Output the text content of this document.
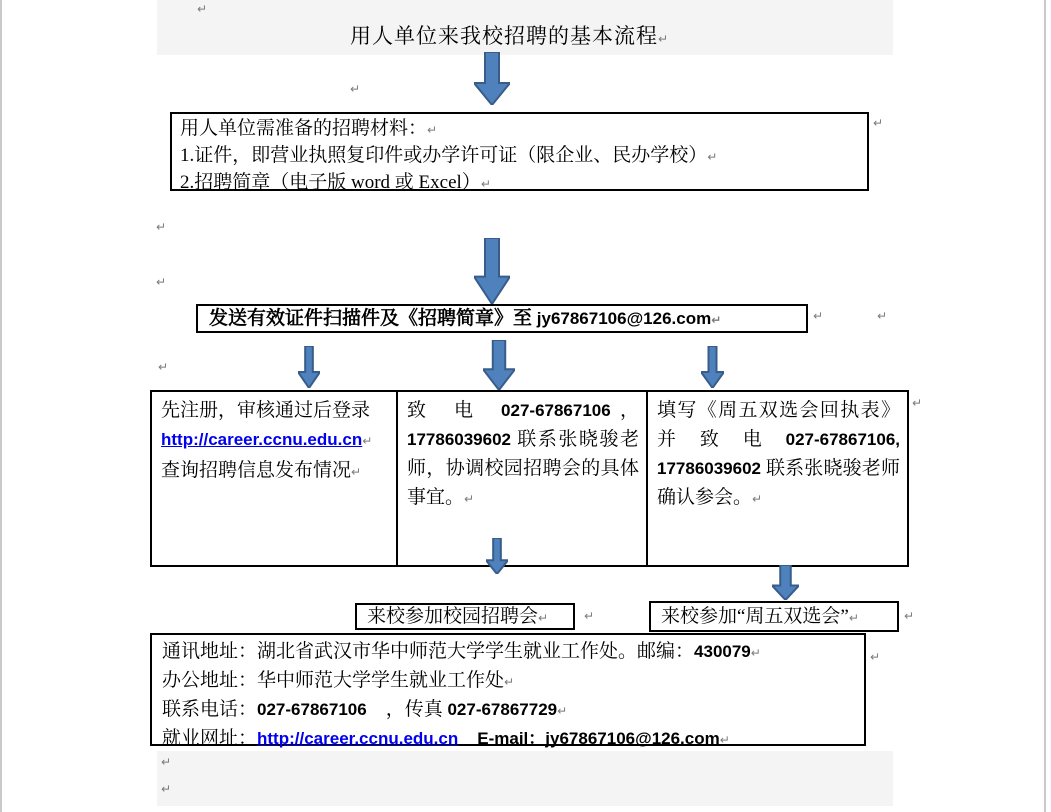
用人单位来我校招聘的基本流程↵
↵
↵
↵
↵
↵
↵	↵
↵
↵
↵	↵
↵
↵
↵
用人单位需准备的招聘材料：↵
1.证件，即营业执照复印件或办学许可证（限企业、民办学校）↵
2.招聘简章（电子版 word 或 Excel）↵
发送有效证件扫描件及《招聘简章》至 jy67867106@126.com↵
先注册，审核通过后登录
http://career.ccnu.edu.cn↵
查询招聘信息发布情况↵
致　电　027-67867106 ，17786039602 联系张晓骏老师，协调校园招聘会的具体事宜。↵
填写《周五双选会回执表》并　致　电　027-67867106, 17786039602 联系张晓骏老师确认参会。↵
来校参加校园招聘会↵	来校参加“周五双选会”↵
通讯地址：湖北省武汉市华中师范大学学生就业工作处。邮编：430079↵
办公地址：华中师范大学学生就业工作处↵
联系电话：027-67867106　，传真 027-67867729↵
就业网址：http://career.ccnu.edu.cn　 E-mail：jy67867106@126.com↵
